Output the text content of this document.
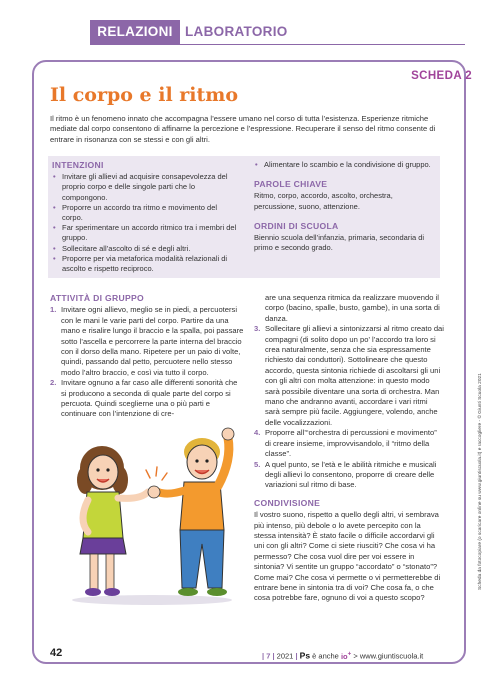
RELAZIONI LABORATORIO
SCHEDA 2
Il corpo e il ritmo
Il ritmo è un fenomeno innato che accompagna l’essere umano nel corso di tutta l’esistenza. Esperienze ritmiche mediate dal corpo consentono di affinarne la percezione e l’espressione. Recuperare il senso del ritmo consente di entrare in risonanza con se stessi e con gli altri.
INTENZIONI
• Invitare gli allievi ad acquisire consapevolezza del proprio corpo e delle singole parti che lo compongono.
• Proporre un accordo tra ritmo e movimento del corpo.
• Far sperimentare un accordo ritmico tra i membri del gruppo.
• Sollecitare all’ascolto di sé e degli altri.
• Proporre per via metaforica modalità relazionali di ascolto e rispetto reciproco.
• Alimentare lo scambio e la condivisione di gruppo.
PAROLE CHIAVE

Ritmo, corpo, accordo, ascolto, orchestra, percussione, suono, attenzione.

ORDINI DI SCUOLA

Biennio scuola dell’infanzia, primaria, secondaria di primo e secondo grado.

ATTIVITÀ DI GRUPPO
1. Invitare ogni allievo, meglio se in piedi, a percuotersi con le mani le varie parti del corpo. Partire da una mano e risalire lungo il braccio e la spalla, poi passare sotto l’ascella e percorrere la parte interna del braccio con il dorso della mano. Ripetere per un paio di volte, quindi, passando dal petto, percuotere nello stesso modo l’altro braccio, e così via tutto il corpo.
2. Invitare ognuno a far caso alle differenti sonorità che si producono a seconda di quale parte del corpo si percuota. Quindi sceglierne una o più parti e continuare con l’intenzione di cre-
are una sequenza ritmica da realizzare muovendo il corpo (bacino, spalle, busto, gambe), in una sorta di danza.
3. Sollecitare gli allievi a sintonizzarsi al ritmo creato dai compagni (di solito dopo un po’ l’accordo tra loro si crea naturalmente, senza che sia espressamente richiesto dai conduttori). Sottolineare che questo accordo, questa sintonia richiede di ascoltarsi gli uni con gli altri con molta attenzione: in questo modo sarà possibile diventare una sorta di orchestra. Man mano che andranno avanti, accordare i vari ritmi sarà sempre più facile. Aggiungere, volendo, anche delle vocalizzazioni.
4. Proporre all’“orchestra di percussioni e movimento” di creare insieme, improvvisandolo, il “ritmo della classe”.
5. A quel punto, se l’età e le abilità ritmiche e musicali degli allievi lo consentono, proporre di creare delle variazioni sul ritmo di base.
CONDIVISIONE

Il vostro suono, rispetto a quello degli altri, vi sembrava più intenso, più debole o lo avete percepito con la stessa intensità? È stato facile o difficile accordarvi gli uni con gli altri? Come ci siete riusciti? Che cosa vi ha permesso? Che cosa vuol dire per voi essere in sintonia? Vi sentite un gruppo “accordato” o “stonato”? Come mai? Che cosa vi permette o vi permetterebbe di entrare bene in sintonia tra di voi? Che cosa fa, o che cosa potrebbe fare, ognuno di voi a questo scopo?

Scheda da fotocopiare (o scaricare online su www.giuntiscuola.it) e raccogliere - © Giunti Scuola 2021
42	| 7 | 2021 | Ps è anche io+ > www.giuntiscuola.it
